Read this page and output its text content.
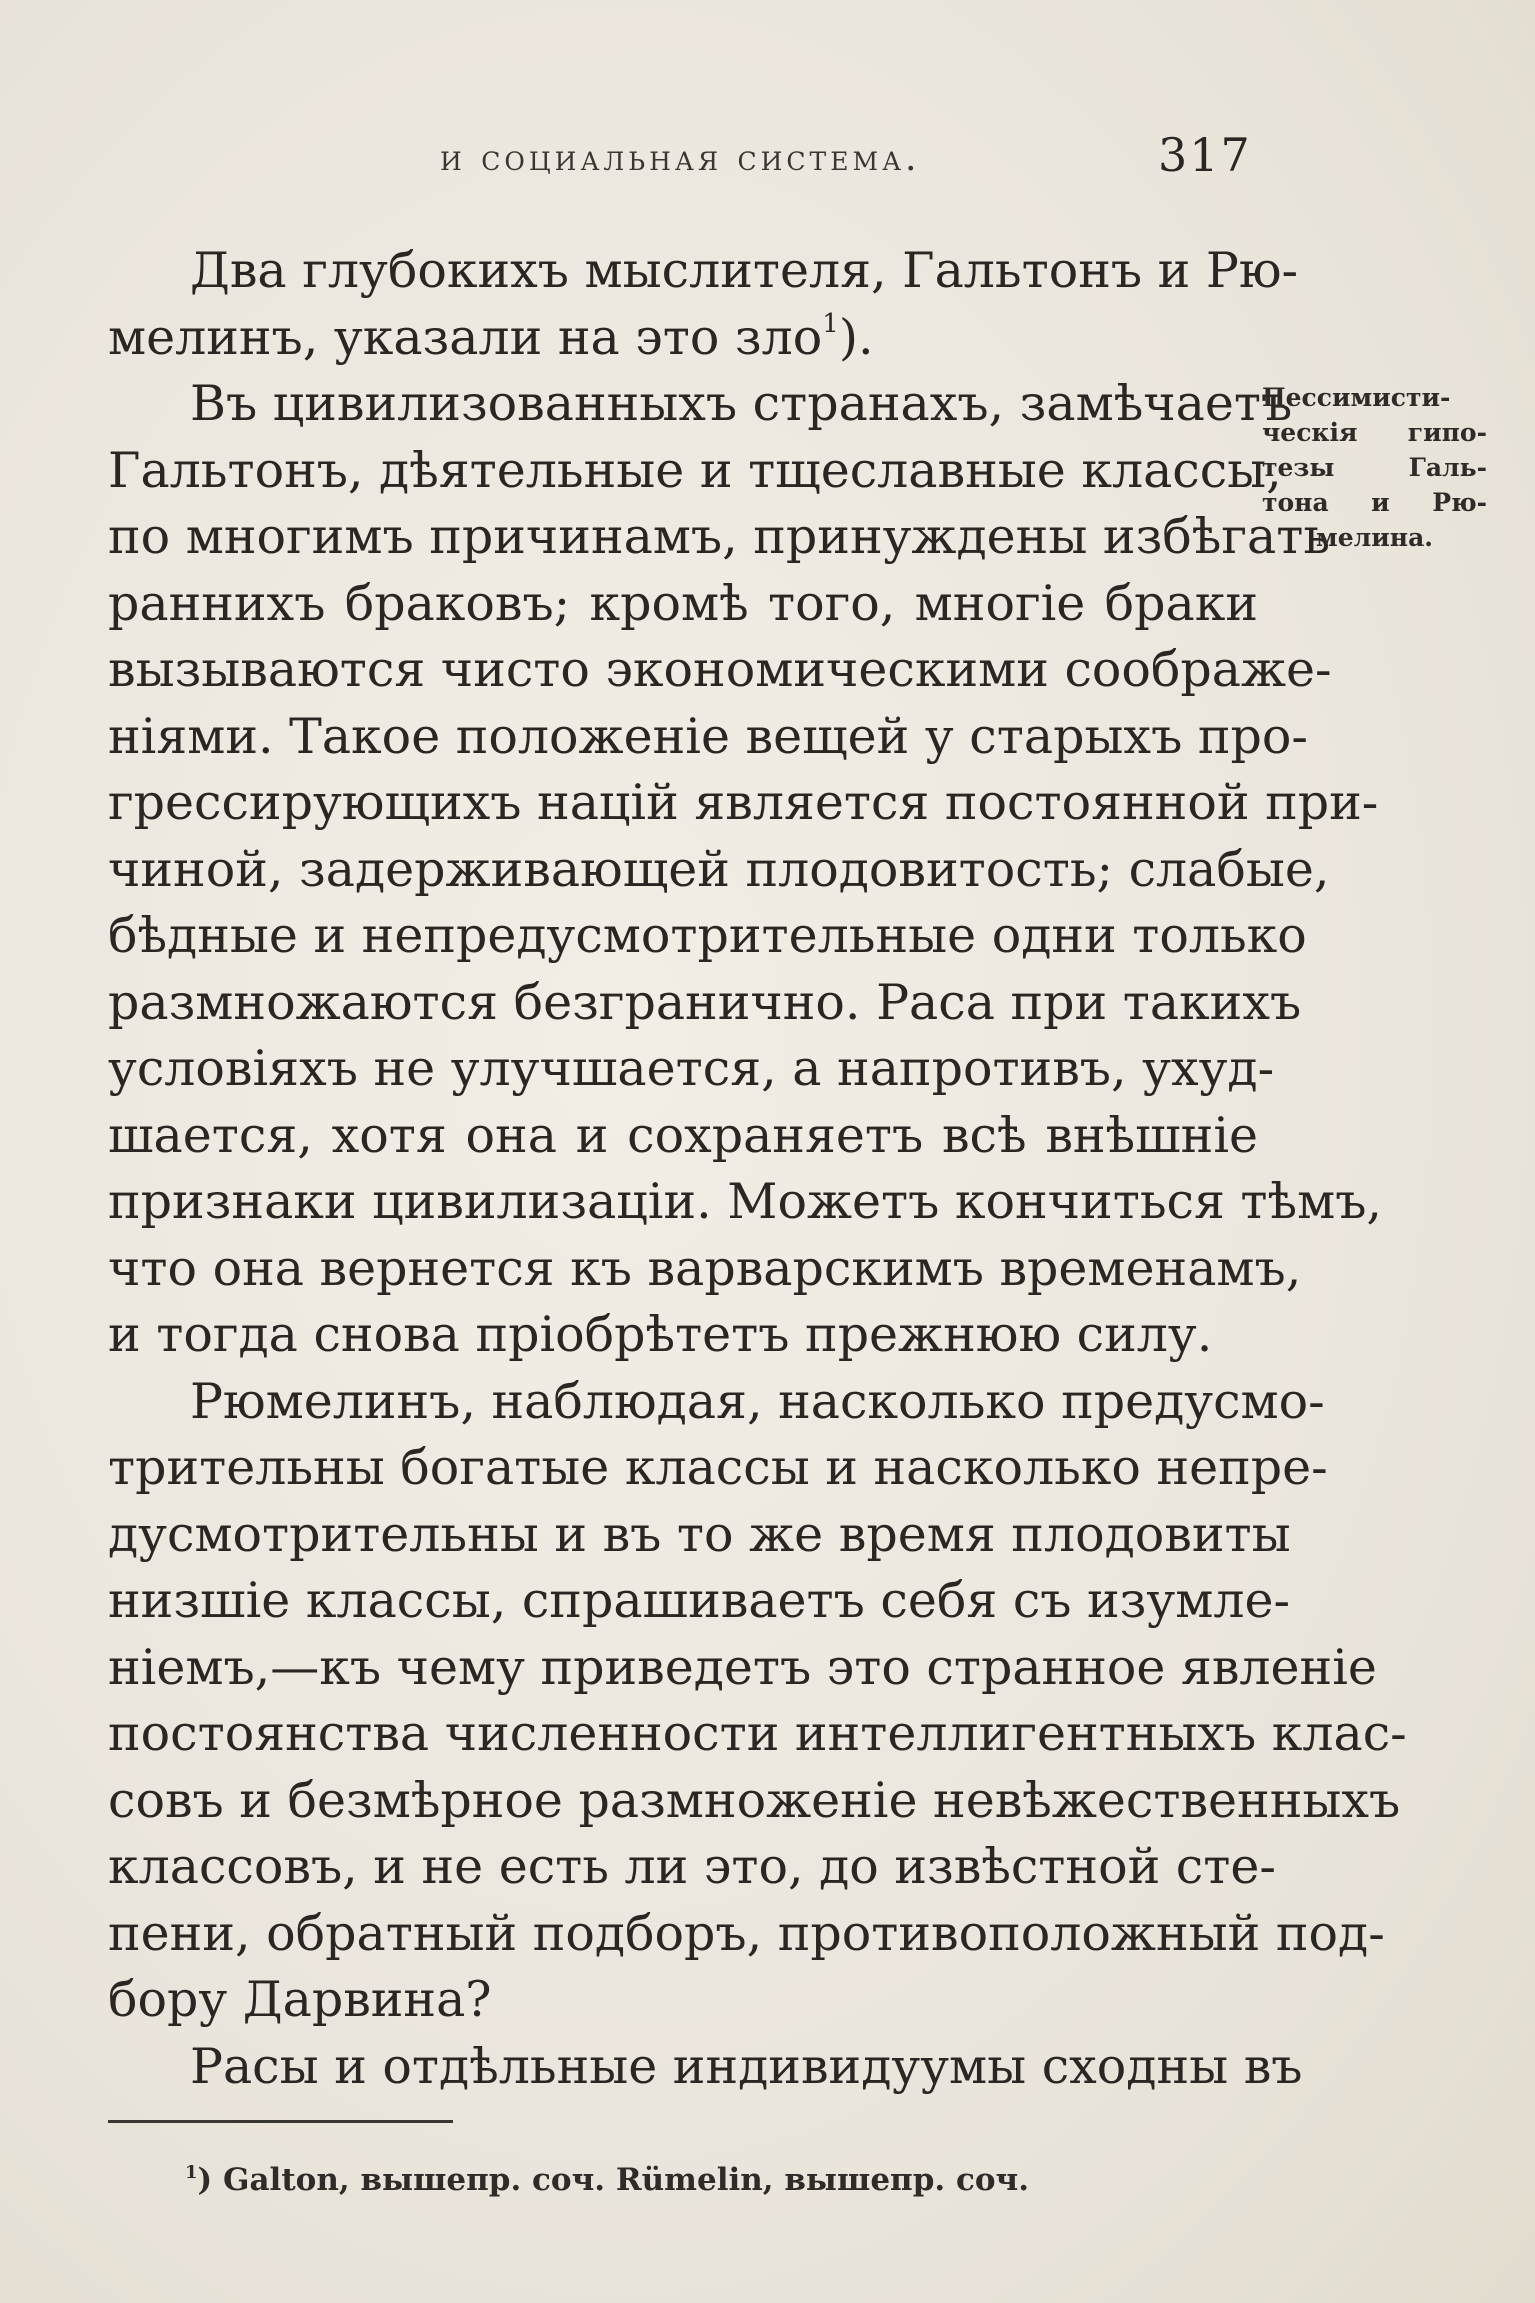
и социальная система.	317
Два глубокихъ мыслителя, Гальтонъ и Рю-
мелинъ, указали на это зло$^1$).
Въ цивилизованныхъ странахъ, замѣчаетъ
Гальтонъ, дѣятельные и тщеславные классы,
по многимъ причинамъ, принуждены избѣгать
раннихъ браковъ; кромѣ того, многіе браки
вызываются чисто экономическими соображе-
ніями. Такое положеніе вещей у старыхъ про-
грессирующихъ націй является постоянной при-
чиной, задерживающей плодовитость; слабые,
бѣдные и непредусмотрительные одни только
размножаются безгранично. Раса при такихъ
условіяхъ не улучшается, а напротивъ, ухуд-
шается, хотя она и сохраняетъ всѣ внѣшніе
признаки цивилизаціи. Можетъ кончиться тѣмъ,
что она вернется къ варварскимъ временамъ,
и тогда снова пріобрѣтетъ прежнюю силу.
Рюмелинъ, наблюдая, насколько предусмо-
трительны богатые классы и насколько непре-
дусмотрительны и въ то же время плодовиты
низшіе классы, спрашиваетъ себя съ изумле-
ніемъ,—къ чему приведетъ это странное явленіе
постоянства численности интеллигентныхъ клас-
совъ и безмѣрное размноженіе невѣжественныхъ
классовъ, и не есть ли это, до извѣстной сте-
пени, обратный подборъ, противоположный под-
бору Дарвина?
Расы и отдѣльные индивидуумы сходны въ
Пессимисти-
ческія гипо-
тезы Галь-
тона и Рю-
мелина.
$^1$) Galton, вышепр. соч. Rümelin, вышепр. соч.
